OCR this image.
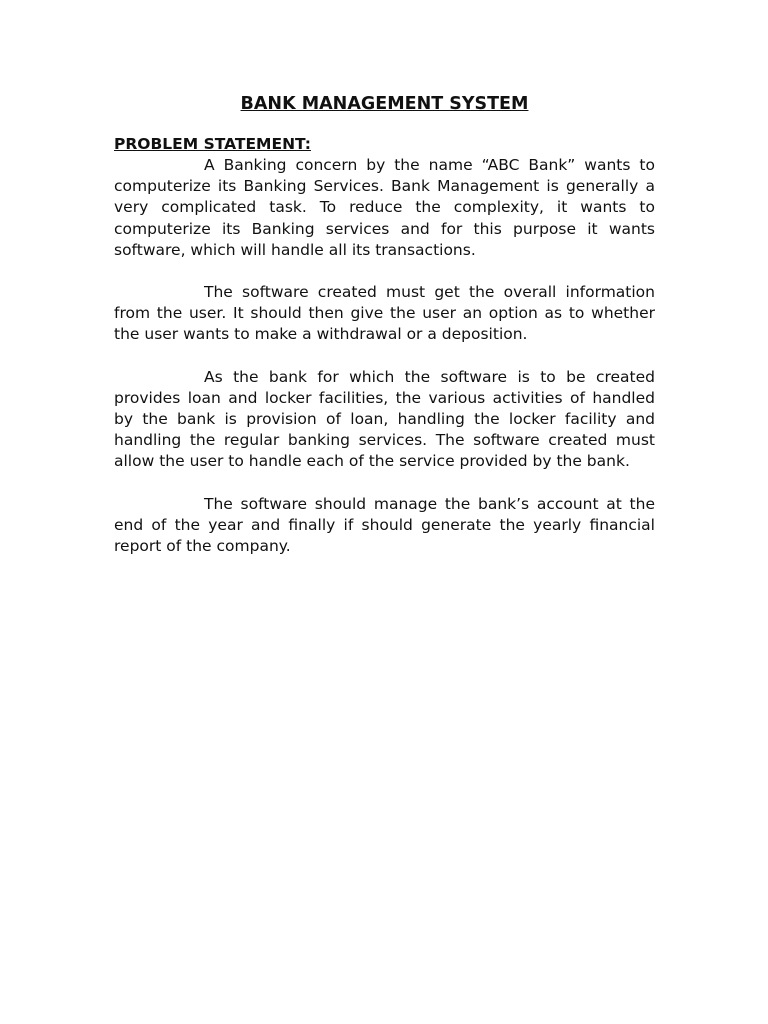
BANK MANAGEMENT SYSTEM
PROBLEM STATEMENT:

A Banking concern by the name “ABC Bank” wants to computerize its Banking Services. Bank Management is generally a very complicated task. To reduce the complexity, it wants to computerize its Banking services and for this purpose it wants software, which will handle all its transactions.

The software created must get the overall information from the user. It should then give the user an option as to whether the user wants to make a withdrawal or a deposition.

As the bank for which the software is to be created provides loan and locker facilities, the various activities of handled by the bank is provision of loan, handling the locker facility and handling the regular banking services. The software created must allow the user to handle each of the service provided by the bank.

The software should manage the bank’s account at the end of the year and finally if should generate the yearly financial report of the company.
